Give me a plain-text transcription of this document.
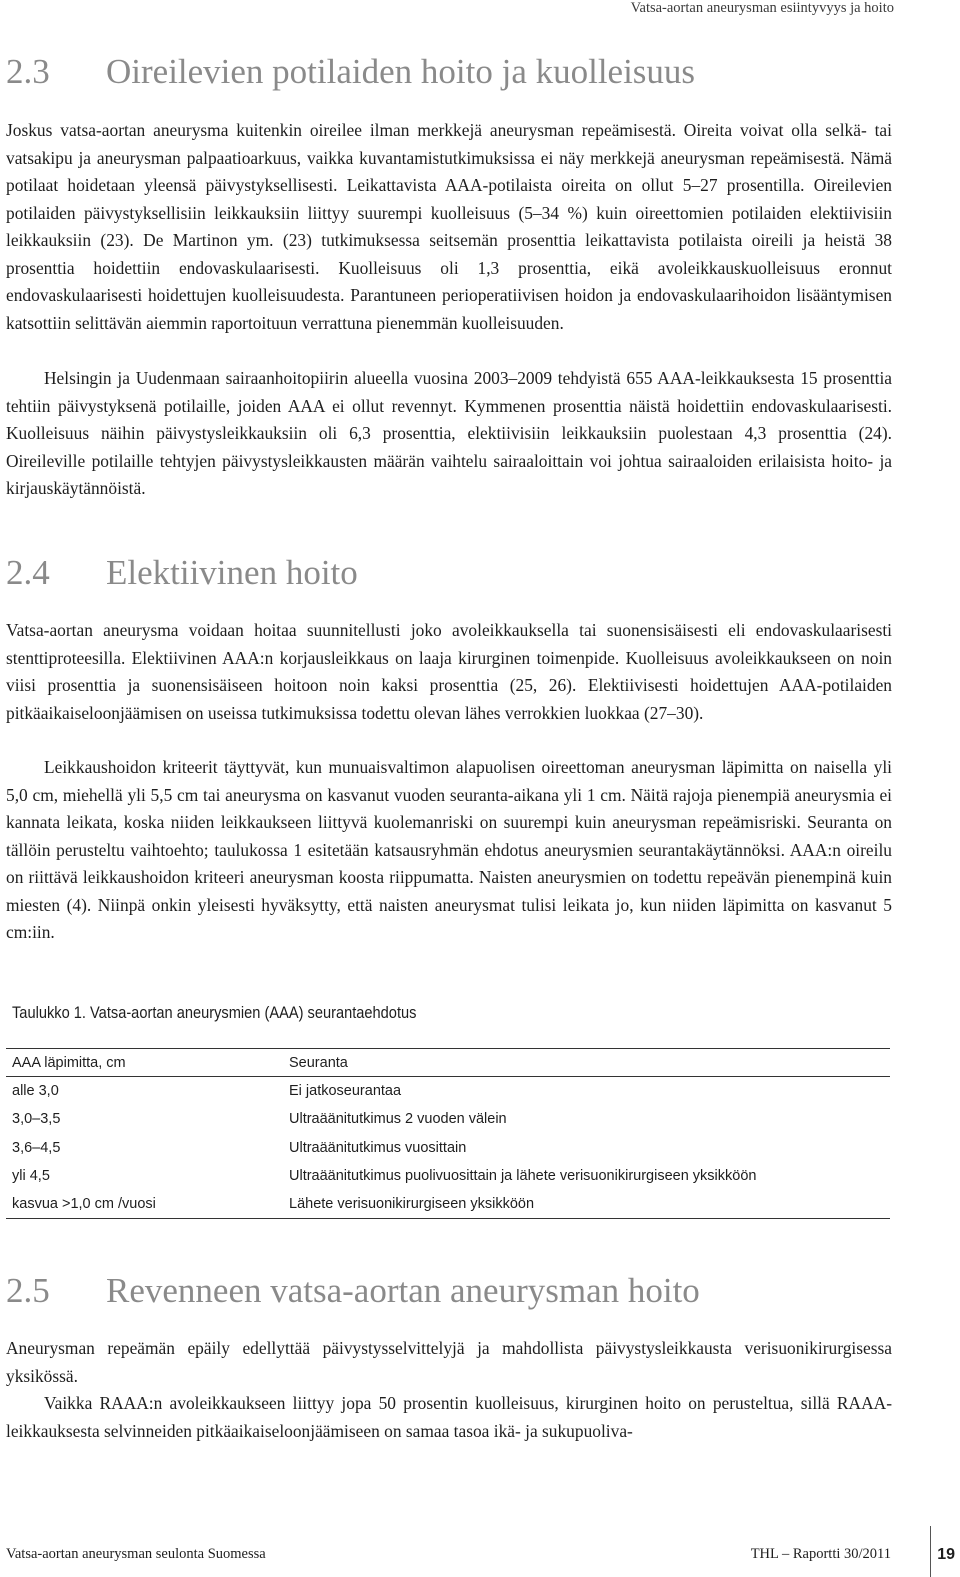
Vatsa-aortan aneurysman esiintyvyys ja hoito
2.3 Oireilevien potilaiden hoito ja kuolleisuus

Joskus vatsa-aortan aneurysma kuitenkin oireilee ilman merkkejä aneurysman repeämisestä. Oireita voivat olla selkä- tai vatsakipu ja aneurysman palpaatioarkuus, vaikka kuvantamistutkimuksissa ei näy merkkejä aneurysman repeämisestä. Nämä potilaat hoidetaan yleensä päivystyksellisesti. Leikattavista AAA-potilaista oireita on ollut 5–27 prosentilla. Oireilevien potilaiden päivystyksellisiin leikkauksiin liittyy suurempi kuolleisuus (5–34 %) kuin oireettomien potilaiden elektiivisiin leikkauksiin (23). De Martinon ym. (23) tutkimuksessa seitsemän prosenttia leikattavista potilaista oireili ja heistä 38 prosenttia hoidettiin endovaskulaarisesti. Kuolleisuus oli 1,3 prosenttia, eikä avoleikkauskuolleisuus eronnut endovaskulaarisesti hoidettujen kuolleisuudesta. Parantuneen perioperatiivisen hoidon ja endovaskulaarihoidon lisääntymisen katsottiin selittävän aiemmin raportoituun verrattuna pienemmän kuolleisuuden.

Helsingin ja Uudenmaan sairaanhoitopiirin alueella vuosina 2003–2009 tehdyistä 655 AAA-leikkauksesta 15 prosenttia tehtiin päivystyksenä potilaille, joiden AAA ei ollut revennyt. Kymmenen prosenttia näistä hoidettiin endovaskulaarisesti. Kuolleisuus näihin päivystysleikkauksiin oli 6,3 prosenttia, elektiivisiin leikkauksiin puolestaan 4,3 prosenttia (24). Oireileville potilaille tehtyjen päivystysleikkausten määrän vaihtelu sairaaloittain voi johtua sairaaloiden erilaisista hoito- ja kirjauskäytännöistä.

2.4 Elektiivinen hoito

Vatsa-aortan aneurysma voidaan hoitaa suunnitellusti joko avoleikkauksella tai suonensisäisesti eli endovaskulaarisesti stenttiproteesilla. Elektiivinen AAA:n korjausleikkaus on laaja kirurginen toimenpide. Kuolleisuus avoleikkaukseen on noin viisi prosenttia ja suonensisäiseen hoitoon noin kaksi prosenttia (25, 26). Elektiivisesti hoidettujen AAA-potilaiden pitkäaikaiseloonjäämisen on useissa tutkimuksissa todettu olevan lähes verrokkien luokkaa (27–30).

Leikkaushoidon kriteerit täyttyvät, kun munuaisvaltimon alapuolisen oireettoman aneurysman läpimitta on naisella yli 5,0 cm, miehellä yli 5,5 cm tai aneurysma on kasvanut vuoden seuranta-aikana yli 1 cm. Näitä rajoja pienempiä aneurysmia ei kannata leikata, koska niiden leikkaukseen liittyvä kuolemanriski on suurempi kuin aneurysman repeämisriski. Seuranta on tällöin perusteltu vaihtoehto; taulukossa 1 esitetään katsausryhmän ehdotus aneurysmien seurantakäytännöksi. AAA:n oireilu on riittävä leikkaushoidon kriteeri aneurysman koosta riippumatta. Naisten aneurysmien on todettu repeävän pienempinä kuin miesten (4). Niinpä onkin yleisesti hyväksytty, että naisten aneurysmat tulisi leikata jo, kun niiden läpimitta on kasvanut 5 cm:iin.

Taulukko 1. Vatsa-aortan aneurysmien (AAA) seurantaehdotus
AAA läpimitta, cm	Seuranta
alle 3,0	Ei jatkoseurantaa
3,0–3,5	Ultraäänitutkimus 2 vuoden välein
3,6–4,5	Ultraäänitutkimus vuosittain
yli 4,5	Ultraäänitutkimus puolivuosittain ja lähete verisuonikirurgiseen yksikköön
kasvua >1,0 cm /vuosi	Lähete verisuonikirurgiseen yksikköön
2.5 Revenneen vatsa-aortan aneurysman hoito

Aneurysman repeämän epäily edellyttää päivystysselvittelyjä ja mahdollista päivystysleikkausta verisuonikirurgisessa yksikössä.

Vaikka RAAA:n avoleikkaukseen liittyy jopa 50 prosentin kuolleisuus, kirurginen hoito on perusteltua, sillä RAAA-leikkauksesta selvinneiden pitkäaikaiseloonjäämiseen on samaa tasoa ikä- ja sukupuoliva-

Vatsa-aortan aneurysman seulonta Suomessa	THL – Raportti 30/2011	19
